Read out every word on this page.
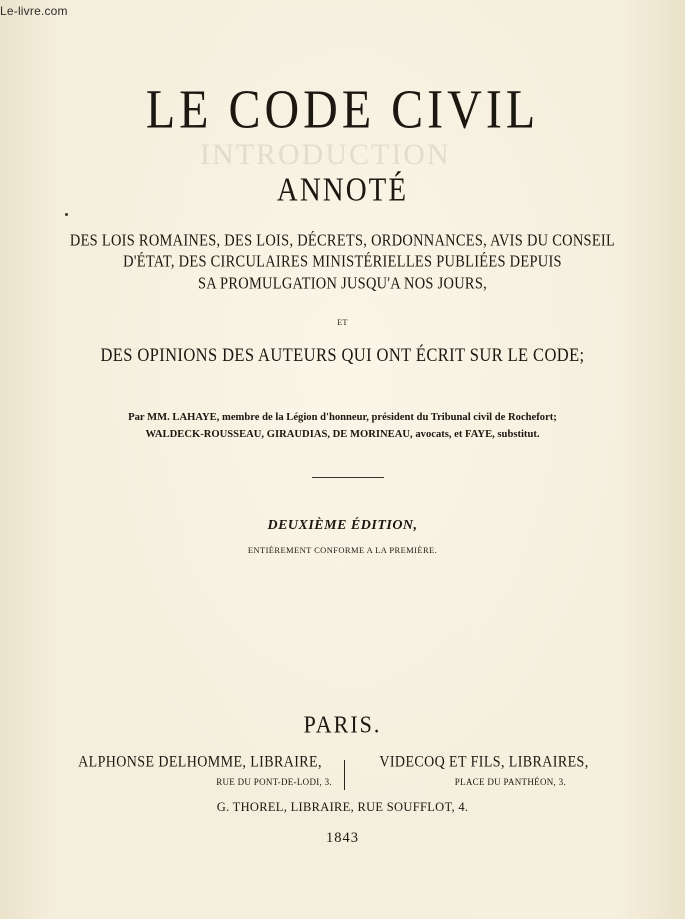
Le-livre.com
INTRODUCTION
LE CODE CIVIL
ANNOTÉ
DES LOIS ROMAINES, DES LOIS, DÉCRETS, ORDONNANCES, AVIS DU CONSEIL
D'ÉTAT, DES CIRCULAIRES MINISTÉRIELLES PUBLIÉES DEPUIS
SA PROMULGATION JUSQU'A NOS JOURS,
ET
DES OPINIONS DES AUTEURS QUI ONT ÉCRIT SUR LE CODE;
Par MM. LAHAYE, membre de la Légion d'honneur, président du Tribunal civil de Rochefort;
WALDECK-ROUSSEAU, GIRAUDIAS, DE MORINEAU, avocats, et FAYE, substitut.
DEUXIÈME ÉDITION,
ENTIÈREMENT CONFORME A LA PREMIÈRE.
PARIS.
ALPHONSE DELHOMME, LIBRAIRE,
RUE DU PONT-DE-LODI, 3.
VIDECOQ ET FILS, LIBRAIRES,
PLACE DU PANTHÉON, 3.
G. THOREL, LIBRAIRE, RUE SOUFFLOT, 4.
1843
